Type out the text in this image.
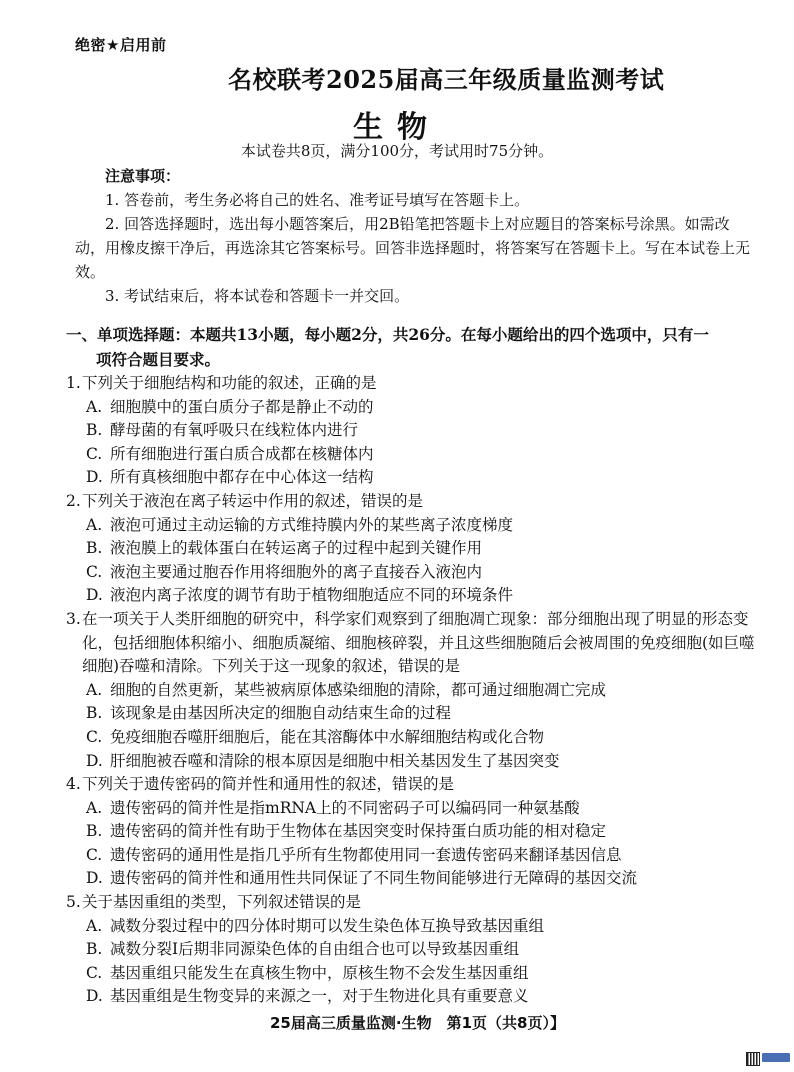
绝密★启用前
名校联考2025届高三年级质量监测考试
生物
本试卷共8页，满分100分，考试用时75分钟。
注意事项：

1. 答卷前，考生务必将自己的姓名、准考证号填写在答题卡上。

2. 回答选择题时，选出每小题答案后，用2B铅笔把答题卡上对应题目的答案标号涂黑。如需改动，用橡皮擦干净后，再选涂其它答案标号。回答非选择题时，将答案写在答题卡上。写在本试卷上无效。

3. 考试结束后，将本试卷和答题卡一并交回。

一、单项选择题：本题共13小题，每小题2分，共26分。在每小题给出的四个选项中，只有一
项符合题目要求。

1.下列关于细胞结构和功能的叙述，正确的是

A. 细胞膜中的蛋白质分子都是静止不动的

B. 酵母菌的有氧呼吸只在线粒体内进行

C. 所有细胞进行蛋白质合成都在核糖体内

D. 所有真核细胞中都存在中心体这一结构

2.下列关于液泡在离子转运中作用的叙述，错误的是

A. 液泡可通过主动运输的方式维持膜内外的某些离子浓度梯度

B. 液泡膜上的载体蛋白在转运离子的过程中起到关键作用

C. 液泡主要通过胞吞作用将细胞外的离子直接吞入液泡内

D. 液泡内离子浓度的调节有助于植物细胞适应不同的环境条件

3.在一项关于人类肝细胞的研究中，科学家们观察到了细胞凋亡现象：部分细胞出现了明显的形态变化，包括细胞体积缩小、细胞质凝缩、细胞核碎裂，并且这些细胞随后会被周围的免疫细胞(如巨噬细胞)吞噬和清除。下列关于这一现象的叙述，错误的是

A. 细胞的自然更新，某些被病原体感染细胞的清除，都可通过细胞凋亡完成

B. 该现象是由基因所决定的细胞自动结束生命的过程

C. 免疫细胞吞噬肝细胞后，能在其溶酶体中水解细胞结构或化合物

D. 肝细胞被吞噬和清除的根本原因是细胞中相关基因发生了基因突变

4.下列关于遗传密码的简并性和通用性的叙述，错误的是

A. 遗传密码的简并性是指mRNA上的不同密码子可以编码同一种氨基酸

B. 遗传密码的简并性有助于生物体在基因突变时保持蛋白质功能的相对稳定

C. 遗传密码的通用性是指几乎所有生物都使用同一套遗传密码来翻译基因信息

D. 遗传密码的简并性和通用性共同保证了不同生物间能够进行无障碍的基因交流

5.关于基因重组的类型，下列叙述错误的是

A. 减数分裂过程中的四分体时期可以发生染色体互换导致基因重组

B. 减数分裂Ⅰ后期非同源染色体的自由组合也可以导致基因重组

C. 基因重组只能发生在真核生物中，原核生物不会发生基因重组

D. 基因重组是生物变异的来源之一，对于生物进化具有重要意义

25届高三质量监测·生物　第1页（共8页）】
